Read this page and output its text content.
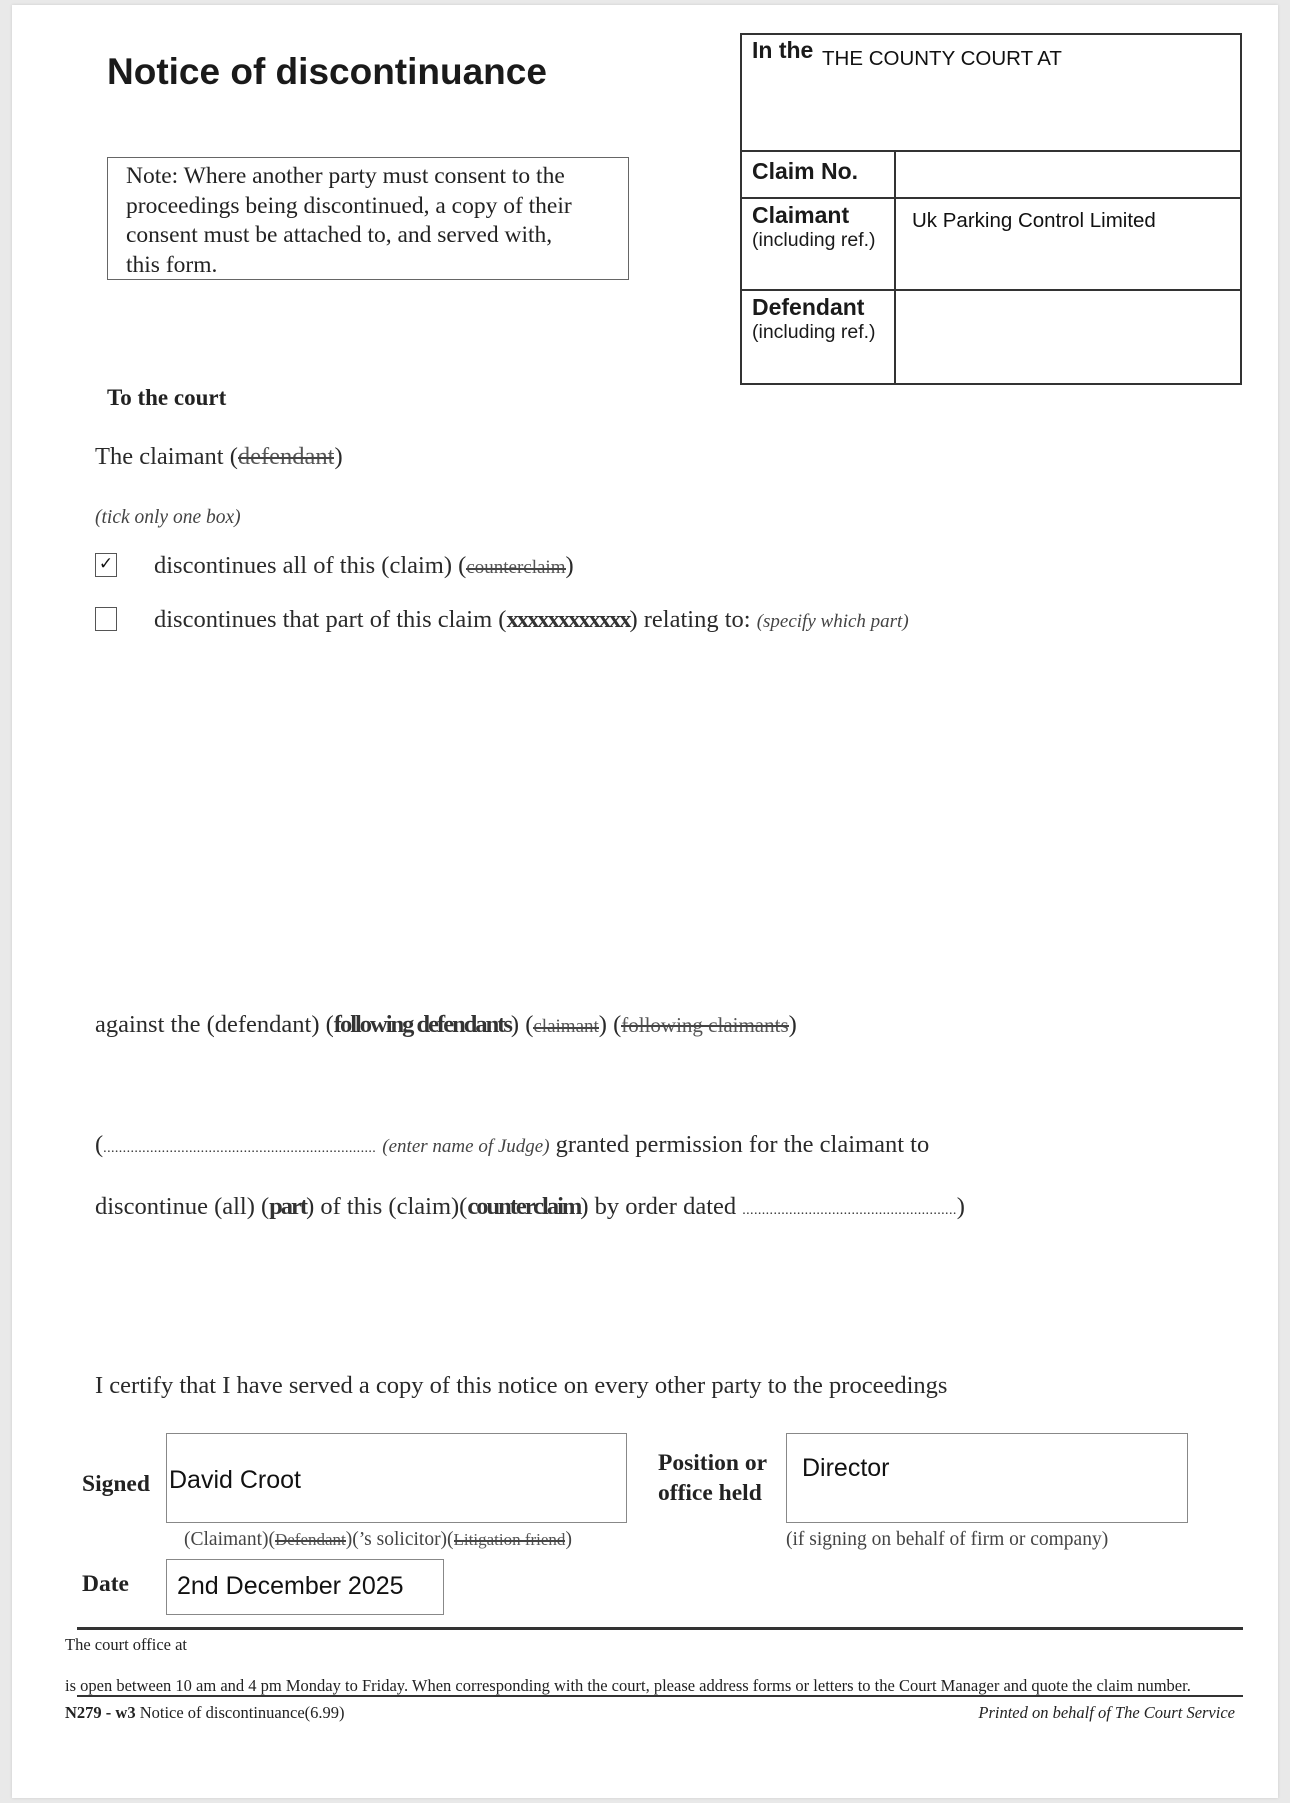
Notice of discontinuance
Note: Where another party must consent to the
proceedings being discontinued, a copy of their
consent must be attached to, and served with,
this form.
In the THE COUNTY COURT AT
Claim No.
Claimant
(including ref.)
Uk Parking Control Limited
Defendant
(including ref.)
To the court
The claimant (defendant)
(tick only one box)
✓ discontinues all of this (claim) (counterclaim)
discontinues that part of this claim (xxxxxxxxxxxx) relating to: (specify which part)
against the (defendant) (following defendants) (claimant) (following claimants)
(...................................................................... (enter name of Judge) granted permission for the claimant to
discontinue (all) (part) of this (claim)(counterclaim) by order dated .......................................................)
I certify that I have served a copy of this notice on every other party to the proceedings
Signed David Croot
(Claimant)(Defendant)(’s solicitor)(Litigation friend)
Position or
office held
Director
(if signing on behalf of firm or company)
Date 2nd December 2025
The court office at
is open between 10 am and 4 pm Monday to Friday. When corresponding with the court, please address forms or letters to the Court Manager and quote the claim number.
N279 - w3 Notice of discontinuance(6.99)	Printed on behalf of The Court Service
